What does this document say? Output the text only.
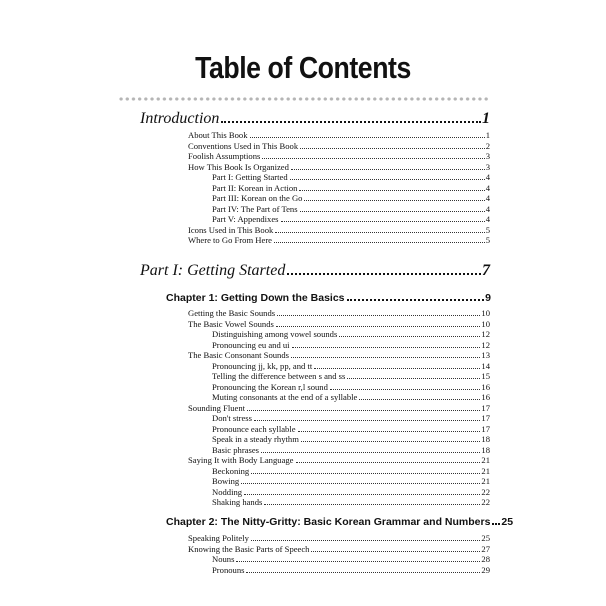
Table of Contents
Introduction	1
About This Book	1
Conventions Used in This Book	2
Foolish Assumptions	3
How This Book Is Organized	3
Part I: Getting Started	4
Part II: Korean in Action	4
Part III: Korean on the Go	4
Part IV: The Part of Tens	4
Part V: Appendixes	4
Icons Used in This Book	5
Where to Go From Here	5
Part I: Getting Started	7
Chapter 1: Getting Down the Basics	9
Getting the Basic Sounds	10
The Basic Vowel Sounds	10
Distinguishing among vowel sounds	12
Pronouncing eu and ui	12
The Basic Consonant Sounds	13
Pronouncing jj, kk, pp, and tt	14
Telling the difference between s and ss	15
Pronouncing the Korean r,l sound	16
Muting consonants at the end of a syllable	16
Sounding Fluent	17
Don't stress	17
Pronounce each syllable	17
Speak in a steady rhythm	18
Basic phrases	18
Saying It with Body Language	21
Beckoning	21
Bowing	21
Nodding	22
Shaking hands	22
Chapter 2: The Nitty-Gritty: Basic Korean Grammar and Numbers 25
Speaking Politely	25
Knowing the Basic Parts of Speech	27
Nouns	28
Pronouns	29
